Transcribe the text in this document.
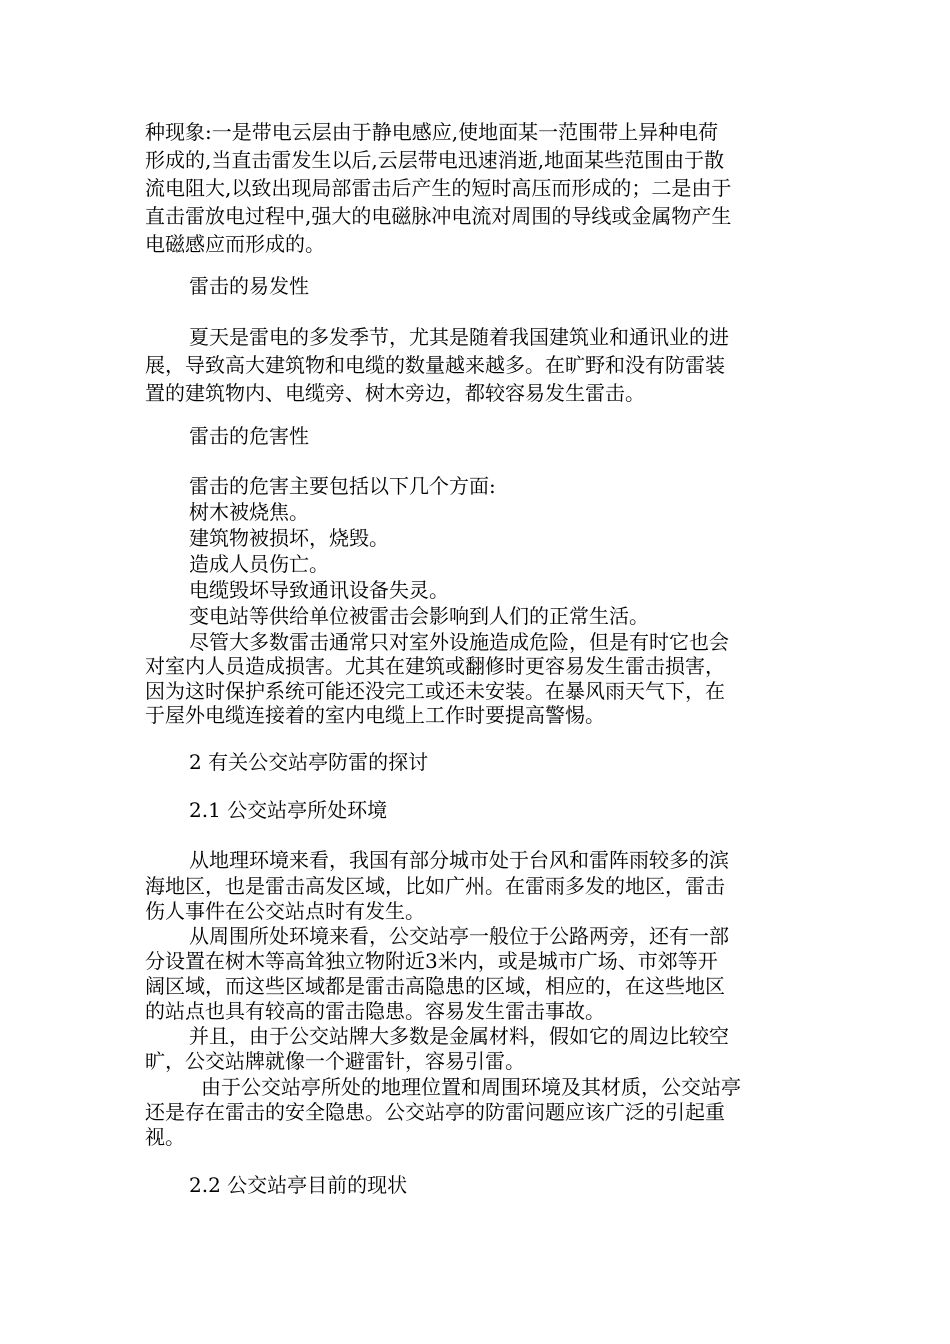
种现象:一是带电云层由于静电感应,使地面某一范围带上异种电荷
形成的,当直击雷发生以后,云层带电迅速消逝,地面某些范围由于散
流电阻大,以致出现局部雷击后产生的短时高压而形成的；二是由于
直击雷放电过程中,强大的电磁脉冲电流对周围的导线或金属物产生
电磁感应而形成的。
雷击的易发性
夏天是雷电的多发季节，尤其是随着我国建筑业和通讯业的进
展，导致高大建筑物和电缆的数量越来越多。在旷野和没有防雷装
置的建筑物内、电缆旁、树木旁边，都较容易发生雷击。
雷击的危害性
雷击的危害主要包括以下几个方面:
树木被烧焦。
建筑物被损坏，烧毁。
造成人员伤亡。
电缆毁坏导致通讯设备失灵。
变电站等供给单位被雷击会影响到人们的正常生活。
尽管大多数雷击通常只对室外设施造成危险，但是有时它也会
对室内人员造成损害。尤其在建筑或翻修时更容易发生雷击损害，
因为这时保护系统可能还没完工或还未安装。在暴风雨天气下，在
于屋外电缆连接着的室内电缆上工作时要提高警惕。
2 有关公交站亭防雷的探讨
2.1 公交站亭所处环境
从地理环境来看，我国有部分城市处于台风和雷阵雨较多的滨
海地区，也是雷击高发区域，比如广州。在雷雨多发的地区，雷击
伤人事件在公交站点时有发生。
从周围所处环境来看，公交站亭一般位于公路两旁，还有一部
分设置在树木等高耸独立物附近3米内，或是城市广场、市郊等开
阔区域，而这些区域都是雷击高隐患的区域，相应的，在这些地区
的站点也具有较高的雷击隐患。容易发生雷击事故。
并且，由于公交站牌大多数是金属材料，假如它的周边比较空
旷，公交站牌就像一个避雷针，容易引雷。
由于公交站亭所处的地理位置和周围环境及其材质，公交站亭
还是存在雷击的安全隐患。公交站亭的防雷问题应该广泛的引起重
视。
2.2 公交站亭目前的现状
